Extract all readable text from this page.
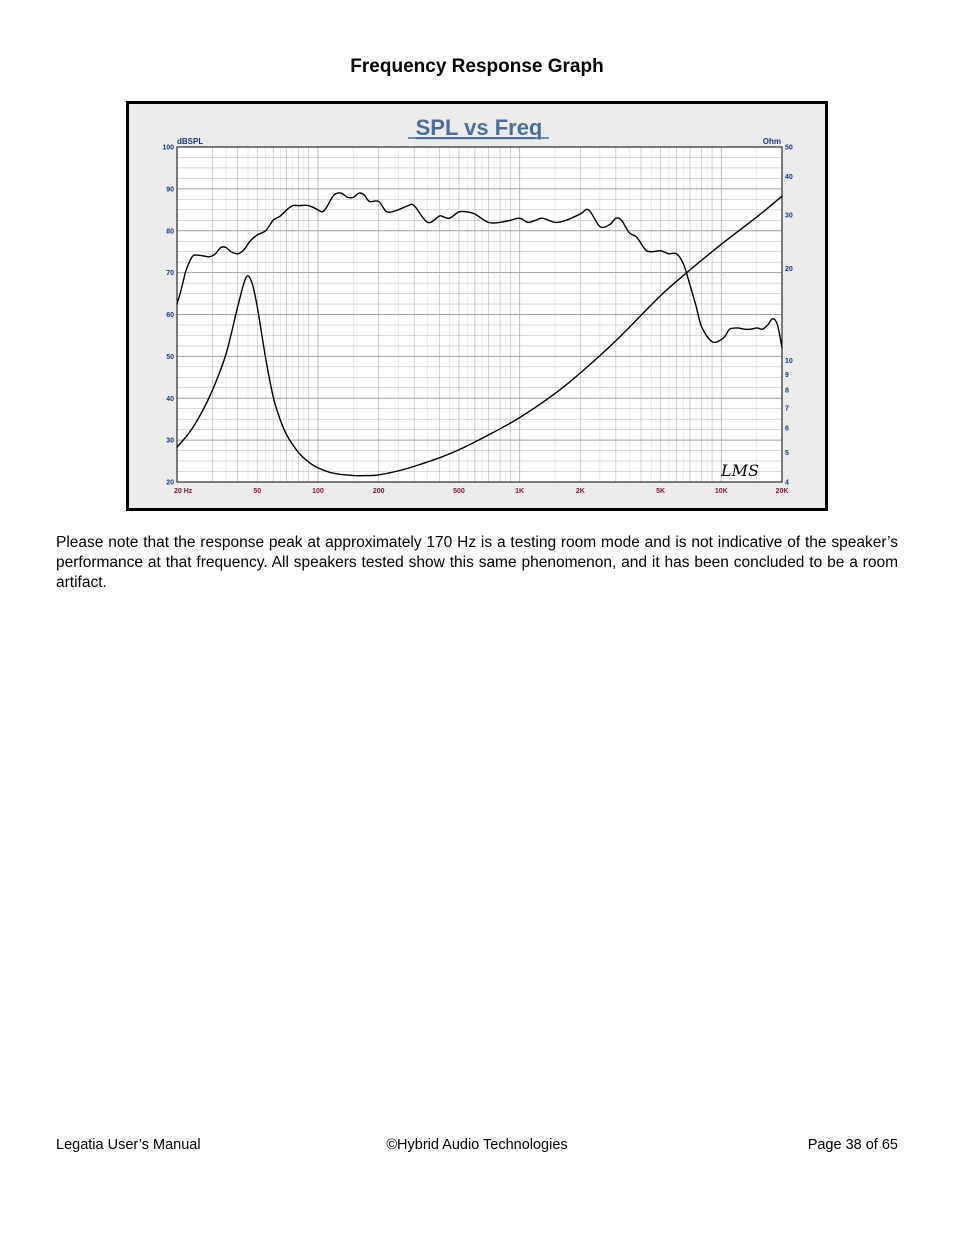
Frequency Response Graph
SPL vs Freq
dBSPL	Ohm
20 Hz	50	100	200	500	1K	2K	5K	10K	20K
100
90
80
70
60
50
40
30
20
50
40
30
20
10
9
8
7
6
5
4
LMS
Please note that the response peak at approximately 170 Hz is a testing room mode and is not indicative of the speaker’s performance at that frequency. All speakers tested show this same phenomenon, and it has been concluded to be a room artifact.
Legatia User’s Manual	©Hybrid Audio Technologies	Page 38 of 65
